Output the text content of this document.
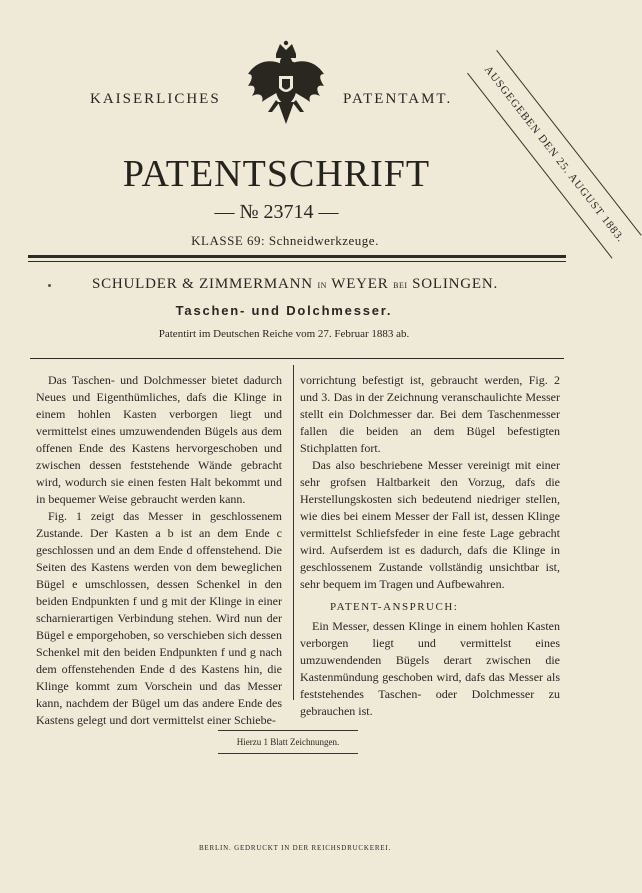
KAISERLICHES	PATENTAMT.	AUSGEGEBEN DEN 25. AUGUST 1883.
PATENTSCHRIFT
— № 23714 —
KLASSE 69: Schneidwerkzeuge.
SCHULDER & ZIMMERMANN in WEYER bei SOLINGEN.
Taschen- und Dolchmesser.
Patentirt im Deutschen Reiche vom 27. Februar 1883 ab.

Das Taschen- und Dolchmesser bietet dadurch Neues und Eigenthümliches, dafs die Klinge in einem hohlen Kasten verborgen liegt und vermittelst eines umzuwendenden Bügels aus dem offenen Ende des Kastens hervorgeschoben und zwischen dessen feststehende Wände gebracht wird, wodurch sie einen festen Halt bekommt und in bequemer Weise gebraucht werden kann.

Fig. 1 zeigt das Messer in geschlossenem Zustande. Der Kasten a b ist an dem Ende c geschlossen und an dem Ende d offenstehend. Die Seiten des Kastens werden von dem beweglichen Bügel e umschlossen, dessen Schenkel in den beiden Endpunkten f und g mit der Klinge in einer scharnierartigen Verbindung stehen. Wird nun der Bügel e emporgehoben, so verschieben sich dessen Schenkel mit den beiden Endpunkten f und g nach dem offenstehenden Ende d des Kastens hin, die Klinge kommt zum Vorschein und das Messer kann, nachdem der Bügel um das andere Ende des Kastens gelegt und dort vermittelst einer Schiebe-

vorrichtung befestigt ist, gebraucht werden, Fig. 2 und 3. Das in der Zeichnung veranschaulichte Messer stellt ein Dolchmesser dar. Bei dem Taschenmesser fallen die beiden an dem Bügel befestigten Stichplatten fort.

Das also beschriebene Messer vereinigt mit einer sehr grofsen Haltbarkeit den Vorzug, dafs die Herstellungskosten sich bedeutend niedriger stellen, wie dies bei einem Messer der Fall ist, dessen Klinge vermittelst Schliefsfeder in eine feste Lage gebracht wird. Aufserdem ist es dadurch, dafs die Klinge in geschlossenem Zustande vollständig unsichtbar ist, sehr bequem im Tragen und Aufbewahren.

PATENT-ANSPRUCH:

Ein Messer, dessen Klinge in einem hohlen Kasten verborgen liegt und vermittelst eines umzuwendenden Bügels derart zwischen die Kastenmündung geschoben wird, dafs das Messer als feststehendes Taschen- oder Dolchmesser zu gebrauchen ist.

Hierzu 1 Blatt Zeichnungen.
BERLIN. GEDRUCKT IN DER REICHSDRUCKEREI.
